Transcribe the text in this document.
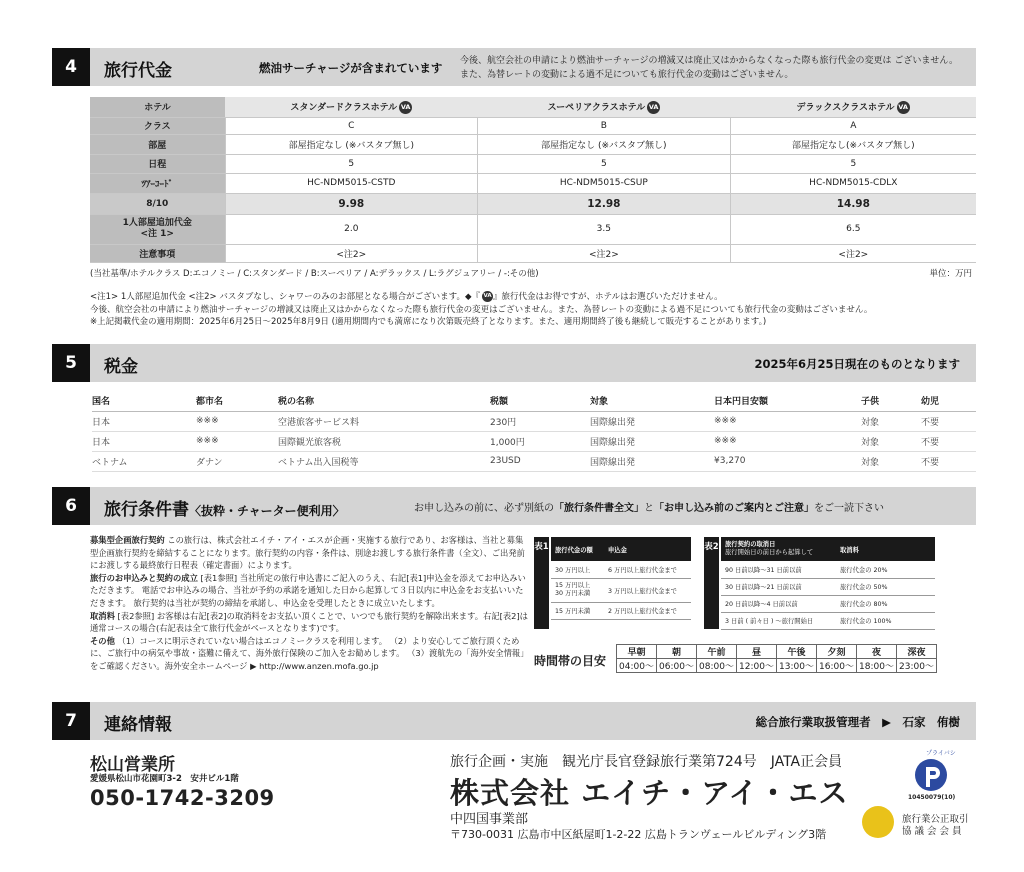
4	旅行代金	燃油サーチャージが含まれています 今後、航空会社の申請により燃油サーチャージの増減又は廃止又はかからなくなった際も旅行代金の変更は ございません。
また、為替レートの変動による過不足についても旅行代金の変動はございません。
ホテル	スタンダードクラスホテル VA	スーペリアクラスホテル VA	デラックスクラスホテル VA
クラス	C	B	A
部屋	部屋指定なし (※バスタブ無し)	部屋指定なし (※バスタブ無し)	部屋指定なし(※バスタブ無し)
日程	5	5	5
ﾂｱｰｺｰﾄﾞ	HC-NDM5015-CSTD	HC-NDM5015-CSUP	HC-NDM5015-CDLX
8/10	9.98	12.98	14.98

1人部屋追加代金
<注 1>	2.0	3.5	6.5
注意事項	<注2>	<注2>	<注2>
(当社基準/ホテルクラス D:エコノミー / C:スタンダード / B:スーペリア / A:デラックス / L:ラグジュアリー / -:その他)	単位：万円
<注1> 1人部屋追加代金 <注2> バスタブなし、シャワーのみのお部屋となる場合がございます。◆『 VA』旅行代金はお得ですが、ホテルはお選びいただけません。
今後、航空会社の申請により燃油サーチャージの増減又は廃止又はかからなくなった際も旅行代金の変更はございません。また、為替レートの変動による過不足についても旅行代金の変動はございません。
※上記掲載代金の適用期間：2025年6月25日〜2025年8月9日 (適用期間内でも満席になり次第販売終了となります。また、適用期間終了後も継続して販売することがあります。)
5	税金	2025年6月25日現在のものとなります
国名	都市名	税の名称	税額	対象	日本円目安額	子供	幼児
日本	※※※	空港旅客サービス料	230円	国際線出発	※※※	対象	不要
日本	※※※	国際観光旅客税	1,000円	国際線出発	※※※	対象	不要
ベトナム	ダナン	ベトナム出入国税等	23USD	国際線出発	¥3,270	対象	不要
6	旅行条件書〈抜粋・チャーター便利用〉	お申し込みの前に、必ず別紙の「旅行条件書全文」と「お申し込み前のご案内とご注意」をご一読下さい
募集型企画旅行契約 この旅行は、株式会社エイチ・アイ・エスが企画・実施する旅行であり、お客様は、当社と募集型企画旅行契約を締結することになります。旅行契約の内容・条件は、別途お渡しする旅行条件書（全文）、ご出発前にお渡しする最終旅行日程表（確定書面）によります。
旅行のお申込みと契約の成立 [表1参照] 当社所定の旅行申込書にご記入のうえ、右記[表1]申込金を添えてお申込みいただきます。 電話でお申込みの場合、当社が予約の承諾を通知した日から起算して３日以内に申込金をお支払いいただきます。 旅行契約は当社が契約の締結を承諾し、申込金を受理したときに成立いたします。
取消料 [表2参照] お客様は右記[表2]の取消料をお支払い頂くことで、いつでも旅行契約を解除出来ます。右記[表2]は通常コースの場合(右記表は全て旅行代金がベースとなります)です。
その他 （1）コースに明示されていない場合はエコノミークラスを利用します。 （2）より安心してご旅行頂くために、ご旅行中の病気や事故・盗難に備えて、海外旅行保険のご加入をお勧めします。 （3）渡航先の「海外安全情報」をご確認ください。海外安全ホームページ ▶ http://www.anzen.mofa.go.jp
表1 旅行代金の額	申込金
30 万円以上	6 万円以上旅行代金まで
15 万円以上 30 万円未満	3 万円以上旅行代金まで
15 万円未満	2 万円以上旅行代金まで
表2 旅行契約の取消日
旅行開始日の前日から起算して	取消料
90 日前以降～31 日前以前	旅行代金の 20%
30 日前以降～21 日前以前	旅行代金の 50%
20 日前以降～4 日前以前	旅行代金の 80%
3 日前 ( 前々日 ) ～旅行開始日	旅行代金の 100%
時間帯の目安
早朝	朝	午前	昼	午後	夕刻	夜	深夜
04:00〜	06:00〜	08:00〜	12:00〜	13:00〜	16:00〜	18:00〜	23:00〜
7	連絡情報	総合旅行業取扱管理者　▶　石家　侑樹
松山営業所
愛媛県松山市花園町3-2　安井ビル1階
050-1742-3209
旅行企画・実施　観光庁長官登録旅行業第724号　JATA正会員
株式会社 エイチ・アイ・エス
中四国事業部
〒730-0031 広島市中区紙屋町1-2-22 広島トランヴェールビルディング3階
プライバシー
10450079(10)
旅行業公正取引
協 議 会 会 員
